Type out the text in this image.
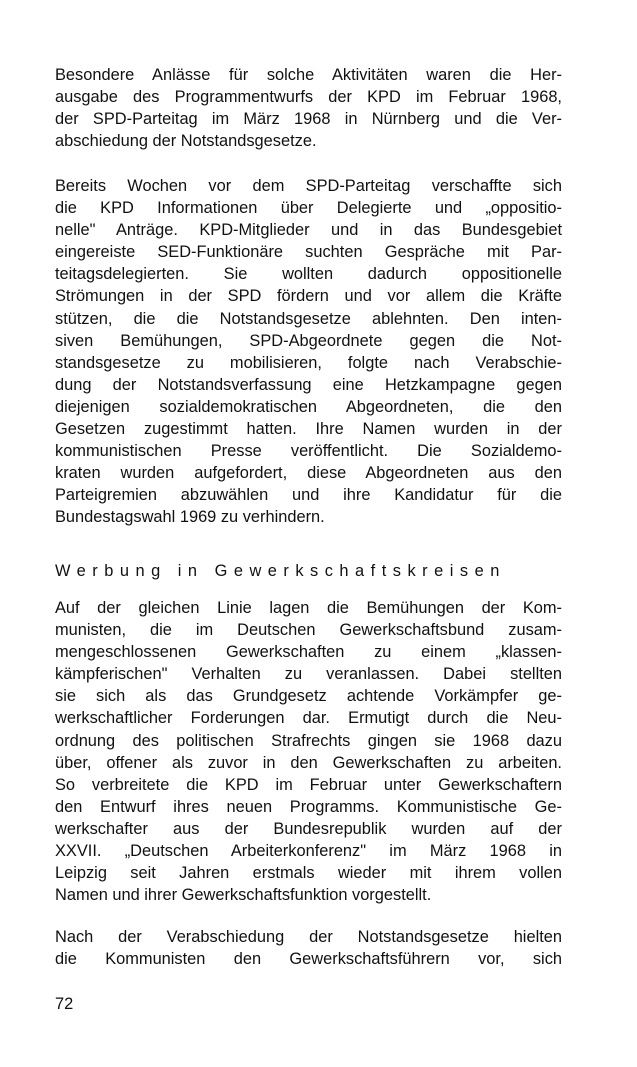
Besondere Anlässe für solche Aktivitäten waren die Her-
ausgabe des Programmentwurfs der KPD im Februar 1968,
der SPD-Parteitag im März 1968 in Nürnberg und die Ver-
abschiedung der Notstandsgesetze.
Bereits Wochen vor dem SPD-Parteitag verschaffte sich
die KPD Informationen über Delegierte und „oppositio-
nelle" Anträge. KPD-Mitglieder und in das Bundesgebiet
eingereiste SED-Funktionäre suchten Gespräche mit Par-
teitagsdelegierten. Sie wollten dadurch oppositionelle
Strömungen in der SPD fördern und vor allem die Kräfte
stützen, die die Notstandsgesetze ablehnten. Den inten-
siven Bemühungen, SPD-Abgeordnete gegen die Not-
standsgesetze zu mobilisieren, folgte nach Verabschie-
dung der Notstandsverfassung eine Hetzkampagne gegen
diejenigen sozialdemokratischen Abgeordneten, die den
Gesetzen zugestimmt hatten. Ihre Namen wurden in der
kommunistischen Presse veröffentlicht. Die Sozialdemo-
kraten wurden aufgefordert, diese Abgeordneten aus den
Parteigremien abzuwählen und ihre Kandidatur für die
Bundestagswahl 1969 zu verhindern.
Werbung in Gewerkschaftskreisen
Auf der gleichen Linie lagen die Bemühungen der Kom-
munisten, die im Deutschen Gewerkschaftsbund zusam-
mengeschlossenen Gewerkschaften zu einem „klassen-
kämpferischen" Verhalten zu veranlassen. Dabei stellten
sie sich als das Grundgesetz achtende Vorkämpfer ge-
werkschaftlicher Forderungen dar. Ermutigt durch die Neu-
ordnung des politischen Strafrechts gingen sie 1968 dazu
über, offener als zuvor in den Gewerkschaften zu arbeiten.
So verbreitete die KPD im Februar unter Gewerkschaftern
den Entwurf ihres neuen Programms. Kommunistische Ge-
werkschafter aus der Bundesrepublik wurden auf der
XXVII. „Deutschen Arbeiterkonferenz" im März 1968 in
Leipzig seit Jahren erstmals wieder mit ihrem vollen
Namen und ihrer Gewerkschaftsfunktion vorgestellt.
Nach der Verabschiedung der Notstandsgesetze hielten
die Kommunisten den Gewerkschaftsführern vor, sich
72
